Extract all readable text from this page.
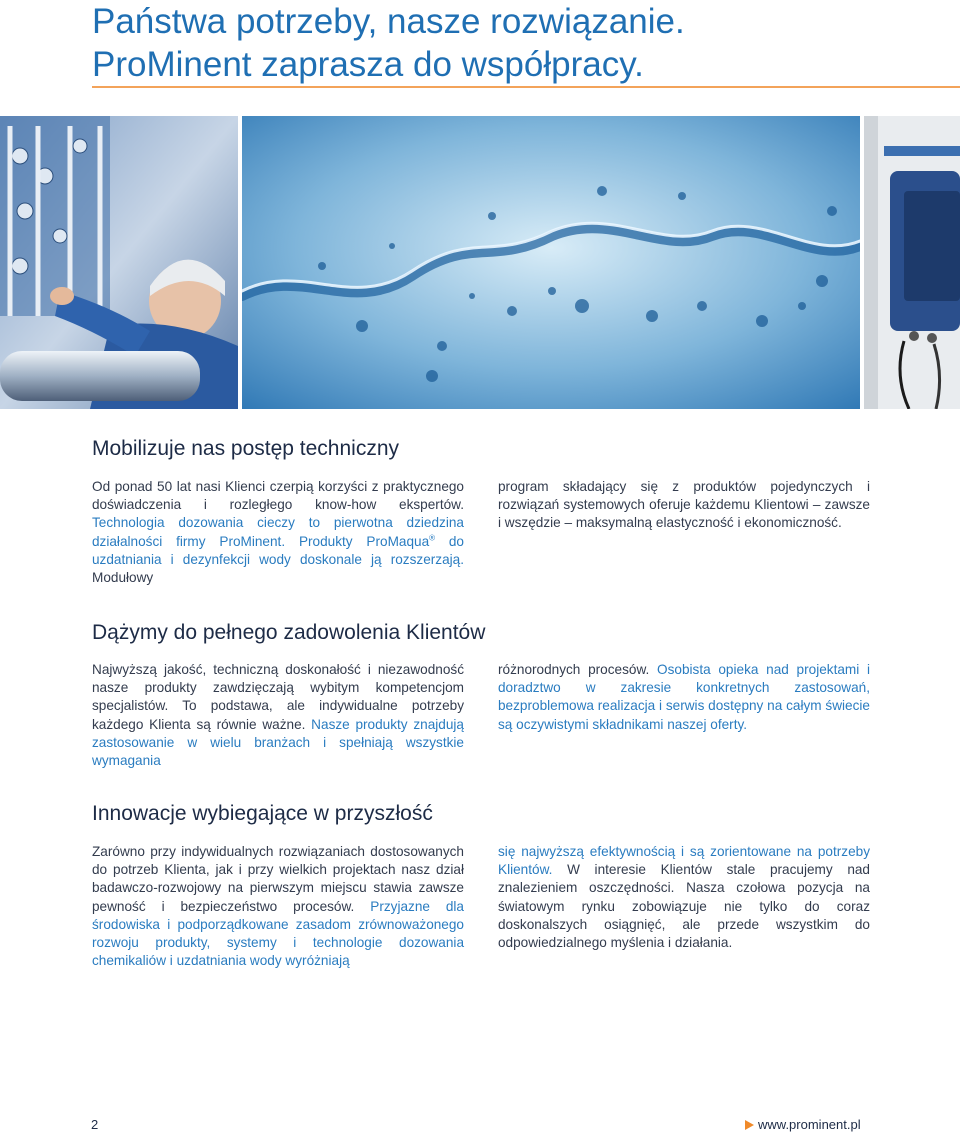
Państwa potrzeby, nasze rozwiązanie.
ProMinent zaprasza do współpracy.
Mobilizuje nas postęp techniczny

Od ponad 50 lat nasi Klienci czerpią korzyści z praktycznego doświadczenia i rozległego know-how ekspertów. Technologia dozowania cieczy to pierwotna dziedzina działalności firmy ProMinent. Produkty ProMaqua® do uzdatniania i dezynfekcji wody doskonale ją rozszerzają. Modułowy

program składający się z produktów pojedynczych i rozwiązań systemowych oferuje każdemu Klientowi – zawsze i wszędzie – maksymalną elastyczność i ekonomiczność.

Dążymy do pełnego zadowolenia Klientów

Najwyższą jakość, techniczną doskonałość i niezawodność nasze produkty zawdzięczają wybitym kompetencjom specjalistów. To podstawa, ale indywidualne potrzeby każdego Klienta są równie ważne. Nasze produkty znajdują zastosowanie w wielu branżach i spełniają wszystkie wymagania

różnorodnych procesów. Osobista opieka nad projektami i doradztwo w zakresie konkretnych zastosowań, bezproblemowa realizacja i serwis dostępny na całym świecie są oczywistymi składnikami naszej oferty.

Innowacje wybiegające w przyszłość

Zarówno przy indywidualnych rozwiązaniach dostosowanych do potrzeb Klienta, jak i przy wielkich projektach nasz dział badawczo-rozwojowy na pierwszym miejscu stawia zawsze pewność i bezpieczeństwo procesów. Przyjazne dla środowiska i podporządkowane zasadom zrównoważonego rozwoju produkty, systemy i technologie dozowania chemikaliów i uzdatniania wody wyróżniają

się najwyższą efektywnością i są zorientowane na potrzeby Klientów. W interesie Klientów stale pracujemy nad znalezieniem oszczędności. Nasza czołowa pozycja na światowym rynku zobowiązuje nie tylko do coraz doskonalszych osiągnięć, ale przede wszystkim do odpowiedzialnego myślenia i działania.

2	www.prominent.pl
